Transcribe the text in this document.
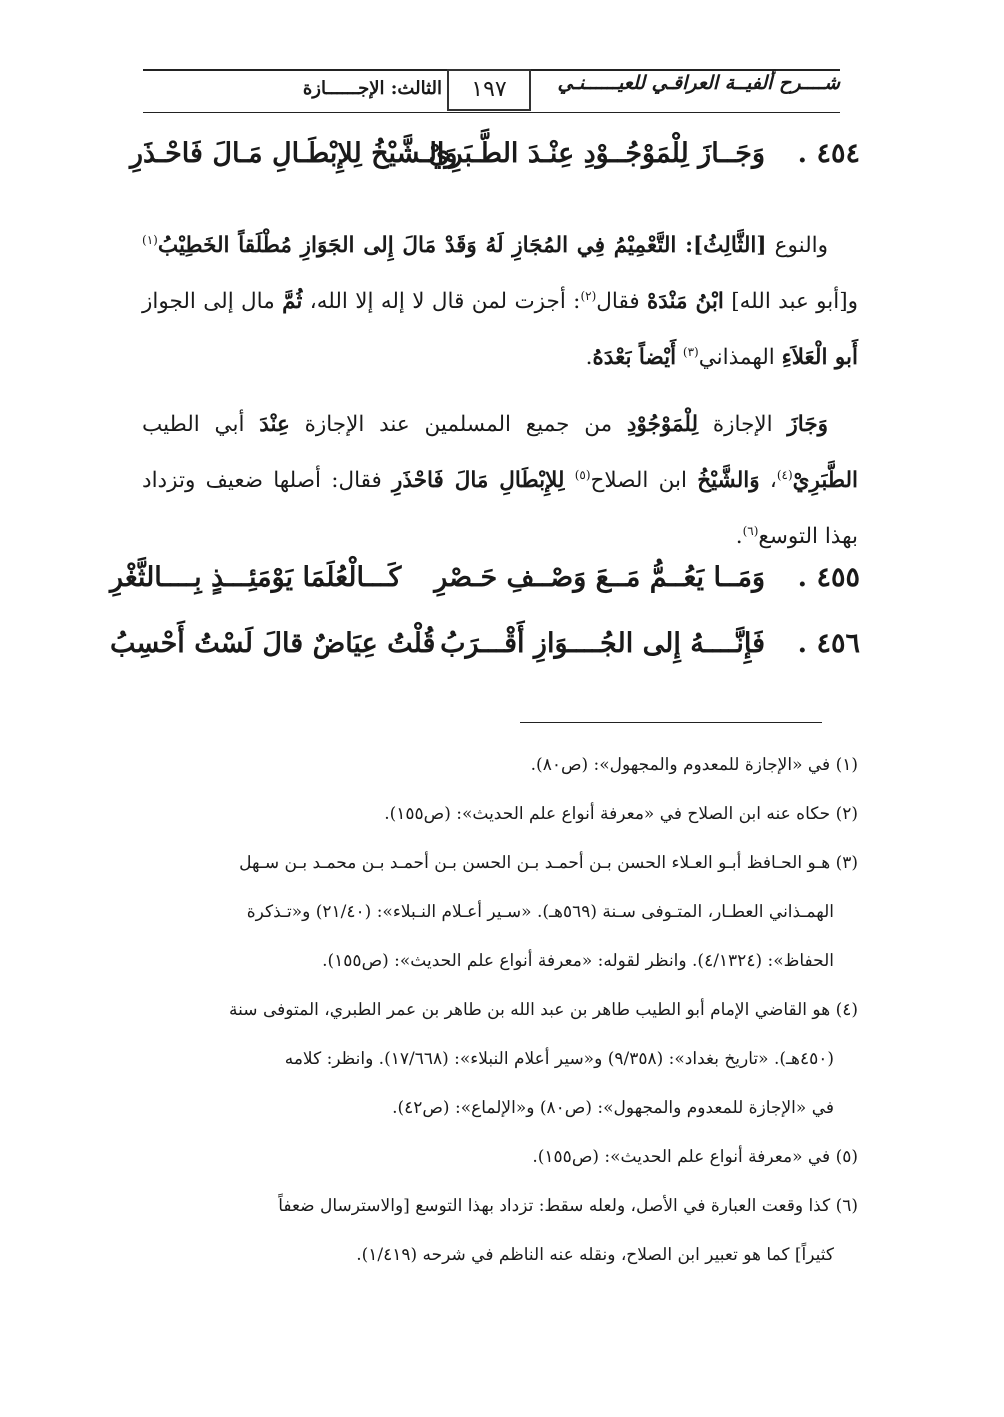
شــــرح ألفيــة العراقـي للعيــــــنـي
١٩٧
الثالث: الإجــــــازة
٤٥٤ .
وَجَــازَ لِلْمَوْجُــوْدِ عِنْـدَ الطَّـبَرِيْ
وَالـشَّيْخُ لِلإِبْطَـالِ مَـالَ فَاحْـذَرِ
والنوع [الثَّالِثُ]: التَّعْمِيْمُ فِي المُجَازِ لَهُ وَقَدْ مَالَ إِلى الجَوَازِ مُطْلَقاً الخَطِيْبُ$^{(١)}$ و[أبو عبد الله] ابْنُ مَنْدَهْ فقال$^{(٢)}$: أجزت لمن قال لا إله إلا الله، ثُمَّ مال إلى الجواز أَبو الْعَلاَءِ الهمذاني$^{(٣)}$ أَيْضاً بَعْدَهُ.
وَجَازَ الإجازة لِلْمَوْجُوْدِ من جميع المسلمين عند الإجازة عِنْدَ أبي الطيب الطَّبَرِيْ$^{(٤)}$، وَالشَّيْخُ ابن الصلاح$^{(٥)}$ لِلإِبْطَالِ مَالَ فَاحْذَرِ فقال: أصلها ضعيف وتزداد بهذا التوسع$^{(٦)}$.
٤٥٥ .
وَمَــا يَعُــمُّ مَــعَ وَصْــفِ حَـصْرِ
كَـــالْعُلَمَا يَوْمَئِـــذٍ بِــــالثَّغْرِ
٤٥٦ .
فَإِنَّــــهُ إِلى الجُــــوَازِ أَقْـــرَبُ
قُلْتُ عِيَاضٌ قالَ لَسْتُ أَحْسِبُ
(١) في «الإجازة للمعدوم والمجهول»: (ص٨٠).
(٢) حكاه عنه ابن الصلاح في «معرفة أنواع علم الحديث»: (ص١٥٥).
(٣) هـو الحـافظ أبـو العـلاء الحسن بـن أحمـد بـن الحسن بـن أحمـد بـن محمـد بـن سـهل
الهمـذاني العطـار، المتـوفى سـنة (٥٦٩هـ). «سـير أعـلام النـبلاء»: (٢١/٤٠) و«تـذكرة
الحفاظ»: (٤/١٣٢٤). وانظر لقوله: «معرفة أنواع علم الحديث»: (ص١٥٥).
(٤) هو القاضي الإمام أبو الطيب طاهر بن عبد الله بن طاهر بن عمر الطبري، المتوفى سنة
(٤٥٠هـ). «تاريخ بغداد»: (٩/٣٥٨) و«سير أعلام النبلاء»: (١٧/٦٦٨). وانظر: كلامه
في «الإجازة للمعدوم والمجهول»: (ص٨٠) و«الإلماع»: (ص٤٢).
(٥) في «معرفة أنواع علم الحديث»: (ص١٥٥).
(٦) كذا وقعت العبارة في الأصل، ولعله سقط: تزداد بهذا التوسع [والاسترسال ضعفاً
كثيراً] كما هو تعبير ابن الصلاح، ونقله عنه الناظم في شرحه (١/٤١٩).
